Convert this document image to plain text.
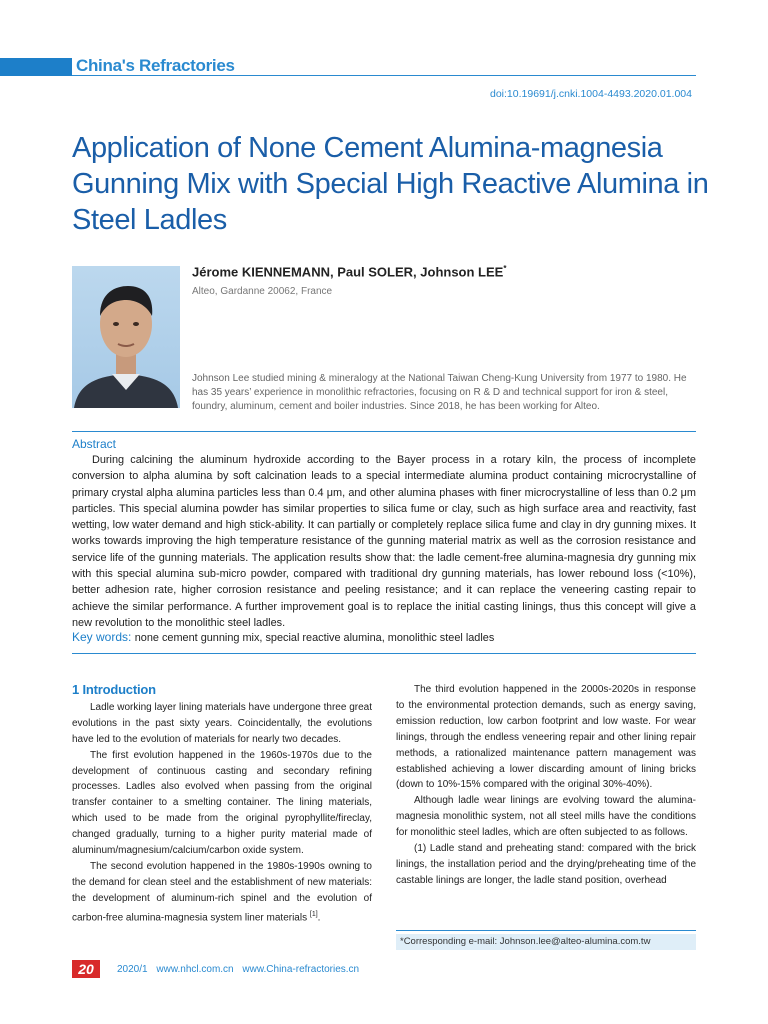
China's Refractories
doi:10.19691/j.cnki.1004-4493.2020.01.004
Application of None Cement Alumina-magnesia Gunning Mix with Special High Reactive Alumina in Steel Ladles
Jérome KIENNEMANN, Paul SOLER, Johnson LEE*
Alteo, Gardanne 20062, France

Johnson Lee studied mining & mineralogy at the National Taiwan Cheng-Kung University from 1977 to 1980. He has 35 years’ experience in monolithic refractories, focusing on R & D and technical support for iron & steel, foundry, aluminum, cement and boiler industries. Since 2018, he has been working for Alteo.

Abstract

During calcining the aluminum hydroxide according to the Bayer process in a rotary kiln, the process of incomplete conversion to alpha alumina by soft calcination leads to a special intermediate alumina product containing microcrystalline of primary crystal alpha alumina particles less than 0.4 μm, and other alumina phases with finer microcrystalline of less than 0.2 μm particles. This special alumina powder has similar properties to silica fume or clay, such as high surface area and reactivity, fast wetting, low water demand and high stick-ability. It can partially or completely replace silica fume and clay in dry gunning mixes. It works towards improving the high temperature resistance of the gunning material matrix as well as the corrosion resistance and service life of the gunning materials. The application results show that: the ladle cement-free alumina-magnesia dry gunning mix with this special alumina sub-micro powder, compared with traditional dry gunning materials, has lower rebound loss (<10%), better adhesion rate, higher corrosion resistance and peeling resistance; and it can replace the veneering casting repair to achieve the similar performance. A further improvement goal is to replace the initial casting linings, thus this concept will give a new revolution to the monolithic steel ladles.

Key words: none cement gunning mix, special reactive alumina, monolithic steel ladles

1 Introduction

Ladle working layer lining materials have undergone three great evolutions in the past sixty years. Coincidentally, the evolutions have led to the evolution of materials for nearly two decades.

The first evolution happened in the 1960s-1970s due to the development of continuous casting and secondary refining processes. Ladles also evolved when passing from the original transfer container to a smelting container. The lining materials, which used to be made from the original pyrophyllite/fireclay, changed gradually, turning to a higher purity material made of aluminum/magnesium/calcium/carbon oxide system.

The second evolution happened in the 1980s-1990s owning to the demand for clean steel and the establishment of new materials: the development of aluminum-rich spinel and the evolution of carbon-free alumina-magnesia system liner materials [1].

The third evolution happened in the 2000s-2020s in response to the environmental protection demands, such as energy saving, emission reduction, low carbon footprint and low waste. For wear linings, through the endless veneering repair and other lining repair methods, a rationalized maintenance pattern management was established achieving a lower discarding amount of lining bricks (down to 10%-15% compared with the original 30%-40%).

Although ladle wear linings are evolving toward the alumina-magnesia monolithic system, not all steel mills have the conditions for monolithic steel ladles, which are often subjected to as follows.

(1) Ladle stand and preheating stand: compared with the brick linings, the installation period and the drying/preheating time of the castable linings are longer, the ladle stand position, overhead

*Corresponding e-mail: Johnson.lee@alteo-alumina.com.tw
20	2020/1 www.nhcl.com.cn www.China-refractories.cn
